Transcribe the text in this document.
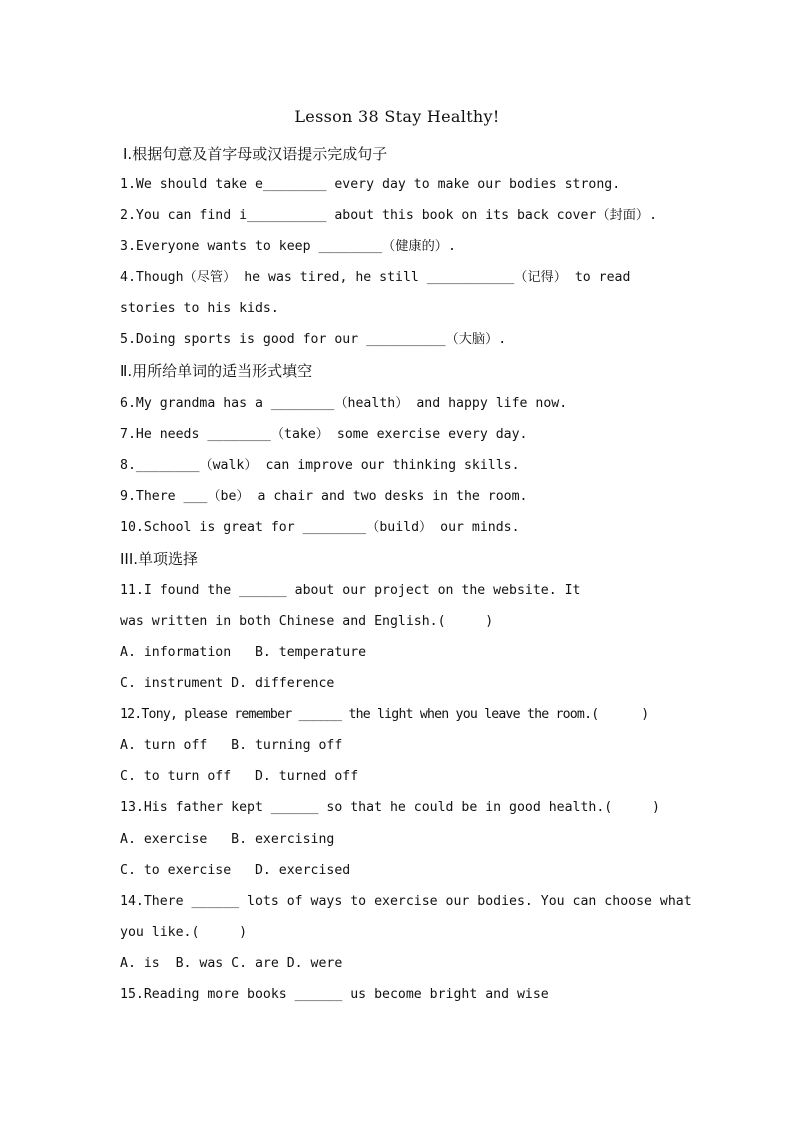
Lesson 38 Stay Healthy!
Ⅰ.根据句意及首字母或汉语提示完成句子
1.We should take e________ every day to make our bodies strong.
2.You can find i__________ about this book on its back cover（封面）.
3.Everyone wants to keep ________（健康的）.
4.Though（尽管） he was tired, he still ___________（记得） to read
stories to his kids.
5.Doing sports is good for our __________（大脑）.
Ⅱ.用所给单词的适当形式填空
6.My grandma has a ________（health） and happy life now.
7.He needs ________（take） some exercise every day.
8.________（walk） can improve our thinking skills.
9.There ___（be） a chair and two desks in the room.
10.School is great for ________（build） our minds.
III.单项选择
11.I found the ______ about our project on the website. It
was written in both Chinese and English.(     )
A. information   B. temperature
C. instrument D. difference
12.Tony, please remember ______ the light when you leave the room.(      )
A. turn off   B. turning off
C. to turn off   D. turned off
13.His father kept ______ so that he could be in good health.(     )
A. exercise   B. exercising
C. to exercise   D. exercised
14.There ______ lots of ways to exercise our bodies. You can choose what
you like.(     )
A. is  B. was C. are D. were
15.Reading more books ______ us become bright and wise
